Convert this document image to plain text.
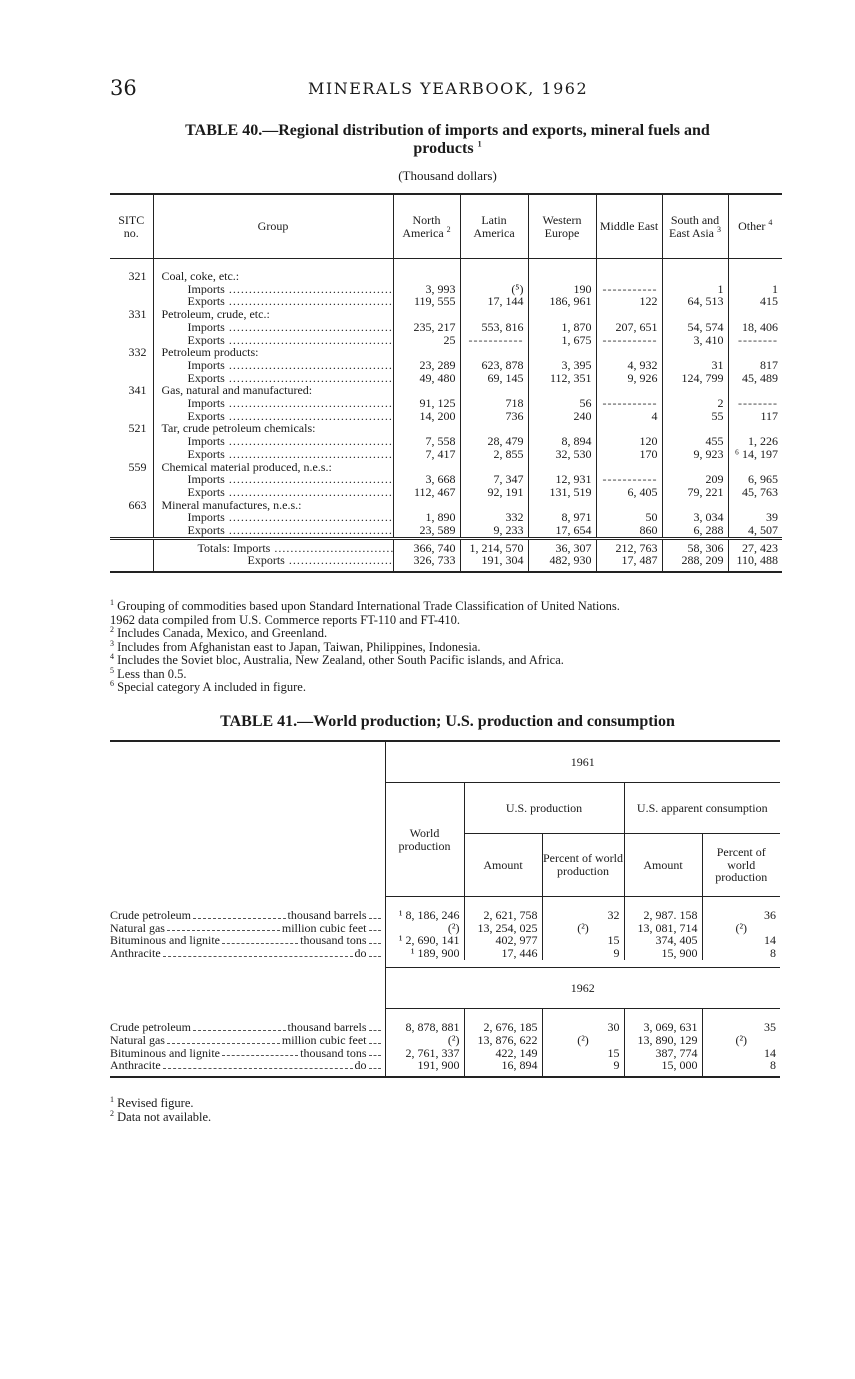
36	MINERALS YEARBOOK, 1962
TABLE 40.—Regional distribution of imports and exports, mineral fuels and
products $^1$
(Thousand dollars)
SITC no.	Group	North America $^2$	Latin America	Western Europe	Middle East	South and East Asia $^3$	Other $^4$

321	Coal, coke, etc.:						

	Imports .....	3, 993	(⁵)	190	-----------	1	1

	Exports .....	119, 555	17, 144	186, 961	122	64, 513	415
331	Petroleum, crude, etc.:						

	Imports .....	235, 217	553, 816	1, 870	207, 651	54, 574	18, 406

	Exports .....	25	-----------	1, 675	-----------	3, 410	--------
332	Petroleum products:						

	Imports .....	23, 289	623, 878	3, 395	4, 932	31	817

	Exports .....	49, 480	69, 145	112, 351	9, 926	124, 799	45, 489
341	Gas, natural and manufactured:						

	Imports .....	91, 125	718	56	-----------	2	--------

	Exports .....	14, 200	736	240	4	55	117
521	Tar, crude petroleum chemicals:						

	Imports .....	7, 558	28, 479	8, 894	120	455	1, 226

	Exports .....	7, 417	2, 855	32, 530	170	9, 923	⁶ 14, 197
559	Chemical material produced, n.e.s.:						

	Imports .....	3, 668	7, 347	12, 931	-----------	209	6, 965

	Exports .....	112, 467	92, 191	131, 519	6, 405	79, 221	45, 763
663	Mineral manufactures, n.e.s.:						

	Imports .....	1, 890	332	8, 971	50	3, 034	39

	Exports .....	23, 589	9, 233	17, 654	860	6, 288	4, 507

	Totals: Imports .....	366, 740	1, 214, 570	36, 307	212, 763	58, 306	27, 423

	Exports .....	326, 733	191, 304	482, 930	17, 487	288, 209	110, 488

$^1$ Grouping of commodities based upon Standard International Trade Classification of United Nations.

1962 data compiled from U.S. Commerce reports FT-110 and FT-410.

$^2$ Includes Canada, Mexico, and Greenland.

$^3$ Includes from Afghanistan east to Japan, Taiwan, Philippines, Indonesia.

$^4$ Includes the Soviet bloc, Australia, New Zealand, other South Pacific islands, and Africa.

$^5$ Less than 0.5.

$^6$ Special category A included in figure.

TABLE 41.—World production; U.S. production and consumption

	1961				
	World production	U.S. production		U.S. apparent consumption	
		Amount	Percent of world production	Amount	Percent of world production

Crude petroleum thousand barrels	¹ 8, 186, 246	2, 621, 758	32	2, 987. 158	36

Natural gas million cubic feet	(²)	13, 254, 025	(²)	13, 081, 714	(²)

Bituminous and lignite thousand tons	¹ 2, 690, 141	402, 977	15	374, 405	14

Anthracite do	¹ 189, 900	17, 446	9	15, 900	8

	1962				

Crude petroleum thousand barrels	8, 878, 881	2, 676, 185	30	3, 069, 631	35

Natural gas million cubic feet	(²)	13, 876, 622	(²)	13, 890, 129	(²)

Bituminous and lignite thousand tons	2, 761, 337	422, 149	15	387, 774	14

Anthracite do	191, 900	16, 894	9	15, 000	8

$^1$ Revised figure.

$^2$ Data not available.
